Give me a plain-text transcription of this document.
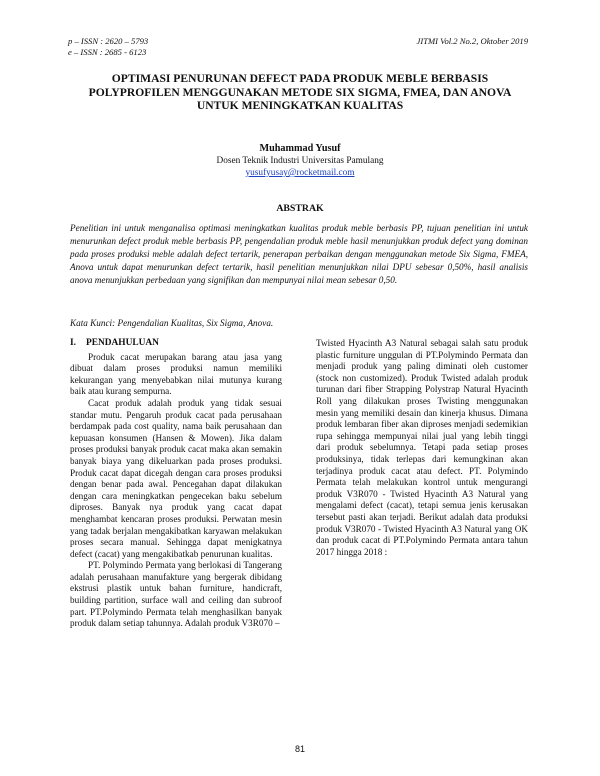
p – ISSN : 2620 – 5793
e – ISSN : 2685 - 6123
JITMI Vol.2 No.2, Oktober 2019
OPTIMASI PENURUNAN DEFECT PADA PRODUK MEBLE BERBASIS
POLYPROFILEN MENGGUNAKAN METODE SIX SIGMA, FMEA, DAN ANOVA
UNTUK MENINGKATKAN KUALITAS
Muhammad Yusuf
Dosen Teknik Industri Universitas Pamulang
yusufyusay@rocketmail.com
ABSTRAK

Penelitian ini untuk menganalisa optimasi meningkatkan kualitas produk meble berbasis PP, tujuan penelitian ini untuk menurunkan defect produk meble berbasis PP, pengendalian produk meble hasil menunjukkan produk defect yang dominan pada proses produksi meble adalah defect tertarik, penerapan perbaikan dengan menggunakan metode Six Sigma, FMEA, Anova untuk dapat menurunkan defect tertarik, hasil penelitian menunjukkan nilai DPU sebesar 0,50%, hasil analisis anova menunjukkan perbedaan yang signifikan dan mempunyai nilai mean sebesar 0,50.

Kata Kunci: Pengendalian Kualitas, Six Sigma, Anova.

I. PENDAHULUAN

Produk cacat merupakan barang atau jasa yang dibuat dalam proses produksi namun memiliki kekurangan yang menyebabkan nilai mutunya kurang baik atau kurang sempurna.

Cacat produk adalah produk yang tidak sesuai standar mutu. Pengaruh produk cacat pada perusahaan berdampak pada cost quality, nama baik perusahaan dan kepuasan konsumen (Hansen & Mowen). Jika dalam proses produksi banyak produk cacat maka akan semakin banyak biaya yang dikeluarkan pada proses produksi. Produk cacat dapat dicegah dengan cara proses produksi dengan benar pada awal. Pencegahan dapat dilakukan dengan cara meningkatkan pengecekan baku sebelum diproses. Banyak nya produk yang cacat dapat menghambat kencaran proses produksi. Perwatan mesin yang tadak berjalan mengakibatkan karyawan melakukan proses secara manual. Sehingga dapat menigkatnya defect (cacat) yang mengakibatkab penurunan kualitas.

PT. Polymindo Permata yang berlokasi di Tangerang adalah perusahaan manufakture yang bergerak dibidang ekstrusi plastik untuk bahan furniture, handicraft, building partition, surface wall and ceiling dan subroof part. PT.Polymindo Permata telah menghasilkan banyak produk dalam setiap tahunnya. Adalah produk V3R070 –

Twisted Hyacinth A3 Natural sebagai salah satu produk plastic furniture unggulan di PT.Polymindo Permata dan menjadi produk yang paling diminati oleh customer (stock non customized). Produk Twisted adalah produk turunan dari fiber Strapping Polystrap Natural Hyacinth Roll yang dilakukan proses Twisting menggunakan mesin yang memiliki desain dan kinerja khusus. Dimana produk lembaran fiber akan diproses menjadi sedemikian rupa sehingga mempunyai nilai jual yang lebih tinggi dari produk sebelumnya. Tetapi pada setiap proses produksinya, tidak terlepas dari kemungkinan akan terjadinya produk cacat atau defect. PT. Polymindo Permata telah melakukan kontrol untuk mengurangi produk V3R070 - Twisted Hyacinth A3 Natural yang mengalami defect (cacat), tetapi semua jenis kerusakan tersebut pasti akan terjadi. Berikut adalah data produksi produk V3R070 - Twisted Hyacinth A3 Natural yang OK dan produk cacat di PT.Polymindo Permata antara tahun 2017 hingga 2018 :

81
